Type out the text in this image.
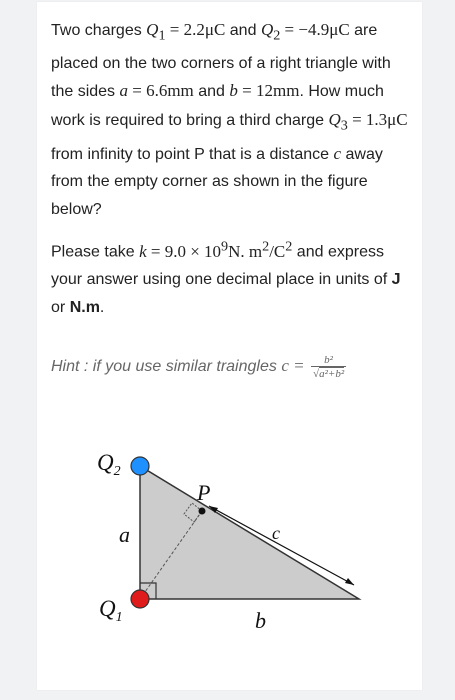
Two charges $Q_1 = 2.2\mu C$ and $Q_2 = -4.9\mu C$ are placed on the two corners of a right triangle with the sides a = 6.6mm and b = 12mm. How much work is required to bring a third charge $Q_3 = 1.3\mu C$ from infinity to point P that is a distance c away from the empty corner as shown in the figure below?

Please take $k = 9.0 \times 10^9N$. $m^2/C^2$ and express your answer using one decimal place in units of J or N.m.

Hint : if you use similar traingles $c = \frac{\text{b²}}{\text{√a²+b²}}$
$Q_2$
$Q_1$
P
a
b
c
